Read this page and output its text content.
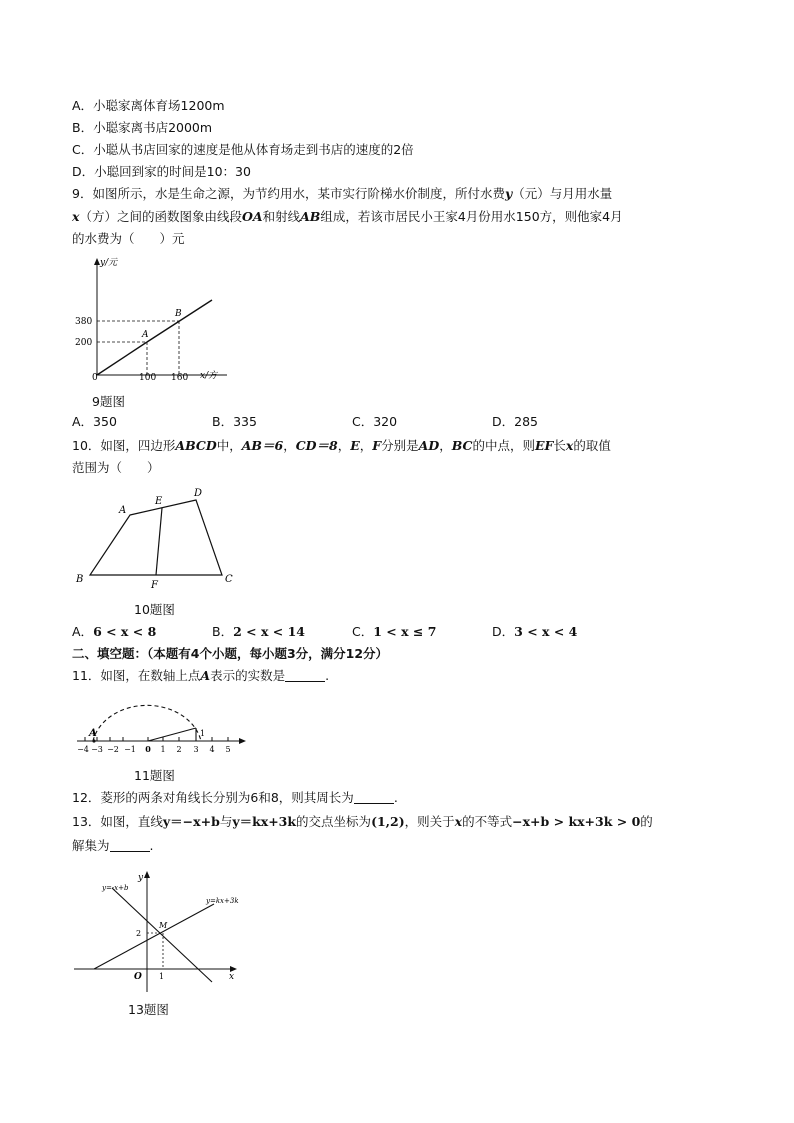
A．小聪家离体育场1200m
B．小聪家离书店2000m
C．小聪从书店回家的速度是他从体育场走到书店的速度的2倍
D．小聪回到家的时间是10：30
9．如图所示，水是生命之源，为节约用水，某市实行阶梯水价制度，所付水费y（元）与月用水量
x（方）之间的函数图象由线段OA和射线AB组成，若该市居民小王家4月份用水150方，则他家4月
的水费为（　　）元
y/元
x/方
0
380
200
100 160
A
B
9题图
A．350	B．335	C．320	D．285
10．如图，四边形ABCD中，AB＝6，CD＝8，E，F分别是AD，BC的中点，则EF长x的取值
范围为（　　）
A
D
E
B
F
C
10题图
A．6 < x < 8	B．2 < x < 14	C．1 < x ≤ 7	D．3 < x < 4
二、填空题：（本题有4个小题，每小题3分，满分12分）
11．如图，在数轴上点A表示的实数是	.
A	1
−4 −3 −2 −1 0 1 2 3 4 5
11题图
12．菱形的两条对角线长分别为6和8，则其周长为	.
13．如图，直线y＝−x+b与y＝kx+3k的交点坐标为(1,2)，则关于x的不等式−x+b > kx+3k > 0的
解集为	.
y
x
O
y=-x+b
y=kx+3k
M
2
1
13题图
